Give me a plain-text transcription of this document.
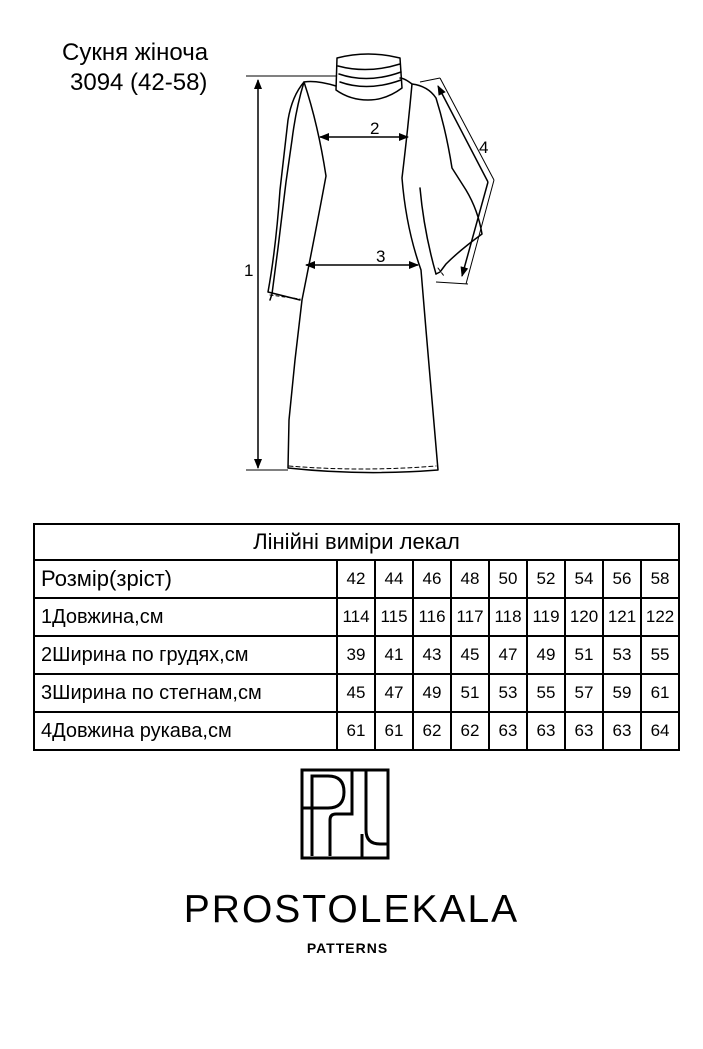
Сукня жіноча
3094 (42-58)
1
2
3
4
Лінійні виміри лекал									
Розмір(зріст)	42	44	46	48	50	52	54	56	58
1Довжина,см	114	115	116	117	118	119	120	121	122
2Ширина по грудях,см	39	41	43	45	47	49	51	53	55
3Ширина по стегнам,см	45	47	49	51	53	55	57	59	61
4Довжина рукава,см	61	61	62	62	63	63	63	63	64
PROSTOLEKALA
PATTERNS
